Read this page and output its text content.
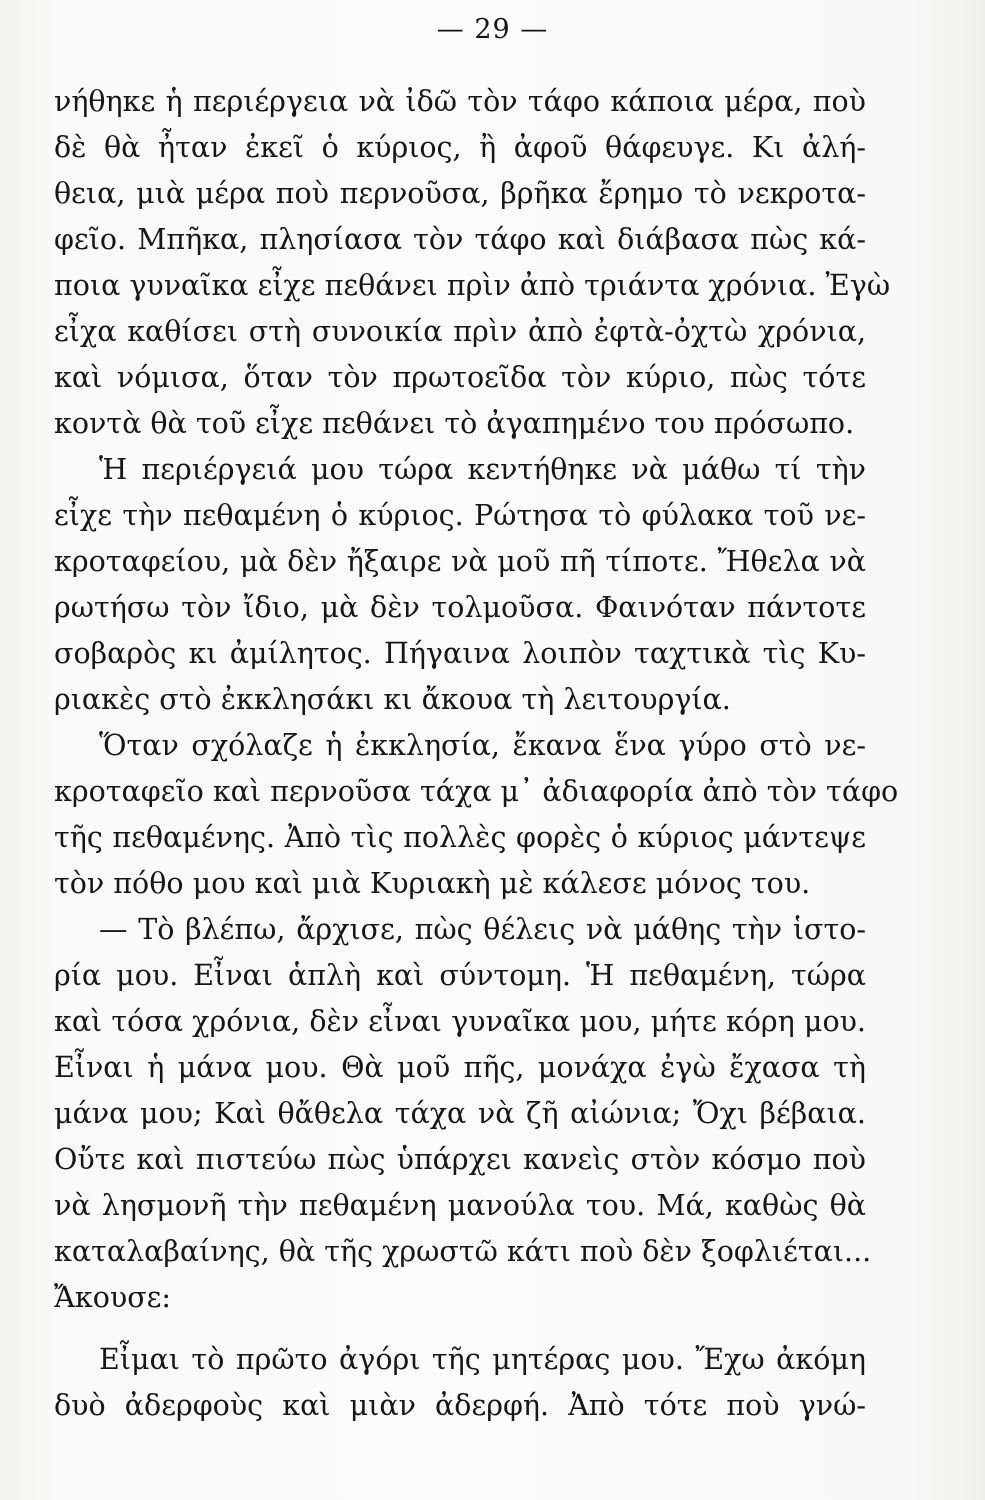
— 29 —
νήθηκε ἡ περιέργεια νὰ ἰδῶ τὸν τάφο κάποια μέρα, ποὺ
δὲ θὰ ἦταν ἐκεῖ ὁ κύριος, ἢ ἀφοῦ θάφευγε. Κι ἀλή-
θεια, μιὰ μέρα ποὺ περνοῦσα, βρῆκα ἔρημο τὸ νεκροτα-
φεῖο. Μπῆκα, πλησίασα τὸν τάφο καὶ διάβασα πὼς κά-
ποια γυναῖκα εἶχε πεθάνει πρὶν ἀπὸ τριάντα χρόνια. Ἐγὼ
εἶχα καθίσει στὴ συνοικία πρὶν ἀπὸ ἐφτὰ-ὀχτὼ χρόνια,
καὶ νόμισα, ὅταν τὸν πρωτοεῖδα τὸν κύριο, πὼς τότε
κοντὰ θὰ τοῦ εἶχε πεθάνει τὸ ἀγαπημένο του πρόσωπο.
Ἡ περιέργειά μου τώρα κεντήθηκε νὰ μάθω τί τὴν
εἶχε τὴν πεθαμένη ὁ κύριος. Ρώτησα τὸ φύλακα τοῦ νε-
κροταφείου, μὰ δὲν ἤξαιρε νὰ μοῦ πῆ τίποτε. Ἤθελα νὰ
ρωτήσω τὸν ἴδιο, μὰ δὲν τολμοῦσα. Φαινόταν πάντοτε
σοβαρὸς κι ἀμίλητος. Πήγαινα λοιπὸν ταχτικὰ τὶς Κυ-
ριακὲς στὸ ἐκκλησάκι κι ἄκουα τὴ λειτουργία.
Ὅταν σχόλαζε ἡ ἐκκλησία, ἔκανα ἕνα γύρο στὸ νε-
κροταφεῖο καὶ περνοῦσα τάχα μ᾽ ἀδιαφορία ἀπὸ τὸν τάφο
τῆς πεθαμένης. Ἀπὸ τὶς πολλὲς φορὲς ὁ κύριος μάντεψε
τὸν πόθο μου καὶ μιὰ Κυριακὴ μὲ κάλεσε μόνος του.
— Τὸ βλέπω, ἄρχισε, πὼς θέλεις νὰ μάθης τὴν ἱστο-
ρία μου. Εἶναι ἁπλὴ καὶ σύντομη. Ἡ πεθαμένη, τώρα
καὶ τόσα χρόνια, δὲν εἶναι γυναῖκα μου, μήτε κόρη μου.
Εἶναι ἡ μάνα μου. Θὰ μοῦ πῆς, μονάχα ἐγὼ ἔχασα τὴ
μάνα μου; Καὶ θἄθελα τάχα νὰ ζῆ αἰώνια; Ὄχι βέβαια.
Οὔτε καὶ πιστεύω πὼς ὑπάρχει κανεὶς στὸν κόσμο ποὺ
νὰ λησμονῆ τὴν πεθαμένη μανούλα του. Μά, καθὼς θὰ
καταλαβαίνης, θὰ τῆς χρωστῶ κάτι ποὺ δὲν ξοφλιέται...
Ἄκουσε:
Εἶμαι τὸ πρῶτο ἀγόρι τῆς μητέρας μου. Ἔχω ἀκόμη
δυὸ ἀδερφοὺς καὶ μιὰν ἀδερφή. Ἀπὸ τότε ποὺ γνώ-
